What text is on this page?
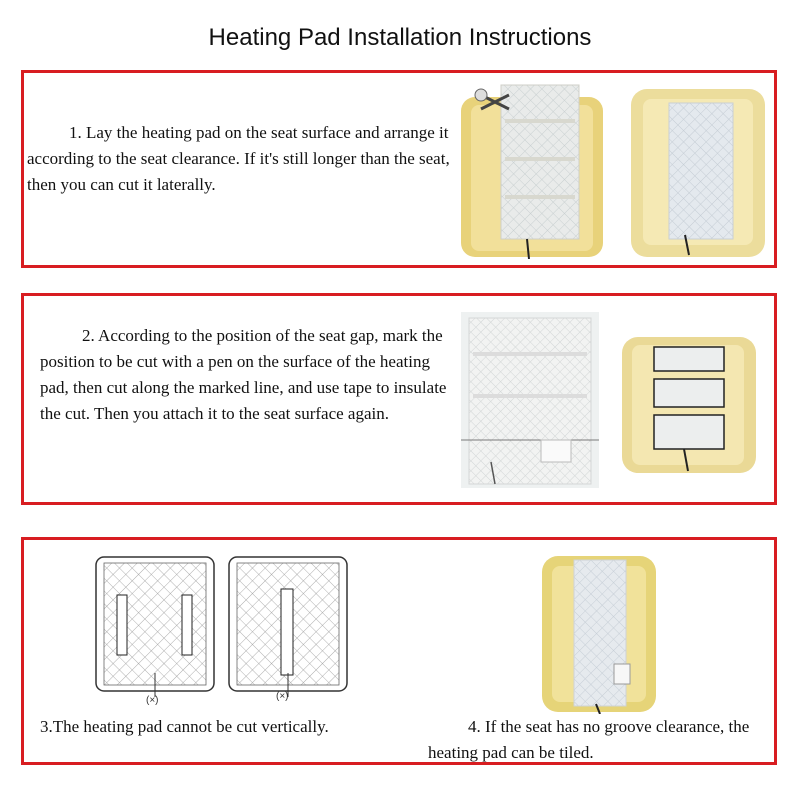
Heating Pad Installation Instructions
1. Lay the heating pad on the seat surface and arrange it according to the seat clearance. If it's still longer than the seat, then you can cut it laterally.

2. According to the position of the seat gap, mark the position to be cut with a pen on the surface of the heating pad, then cut along the marked line, and use tape to insulate the cut. Then you attach it to the seat surface again.

(×)	(×)
3.The heating pad cannot be cut vertically.	4. If the seat has no groove clearance, the heating pad can be tiled.
